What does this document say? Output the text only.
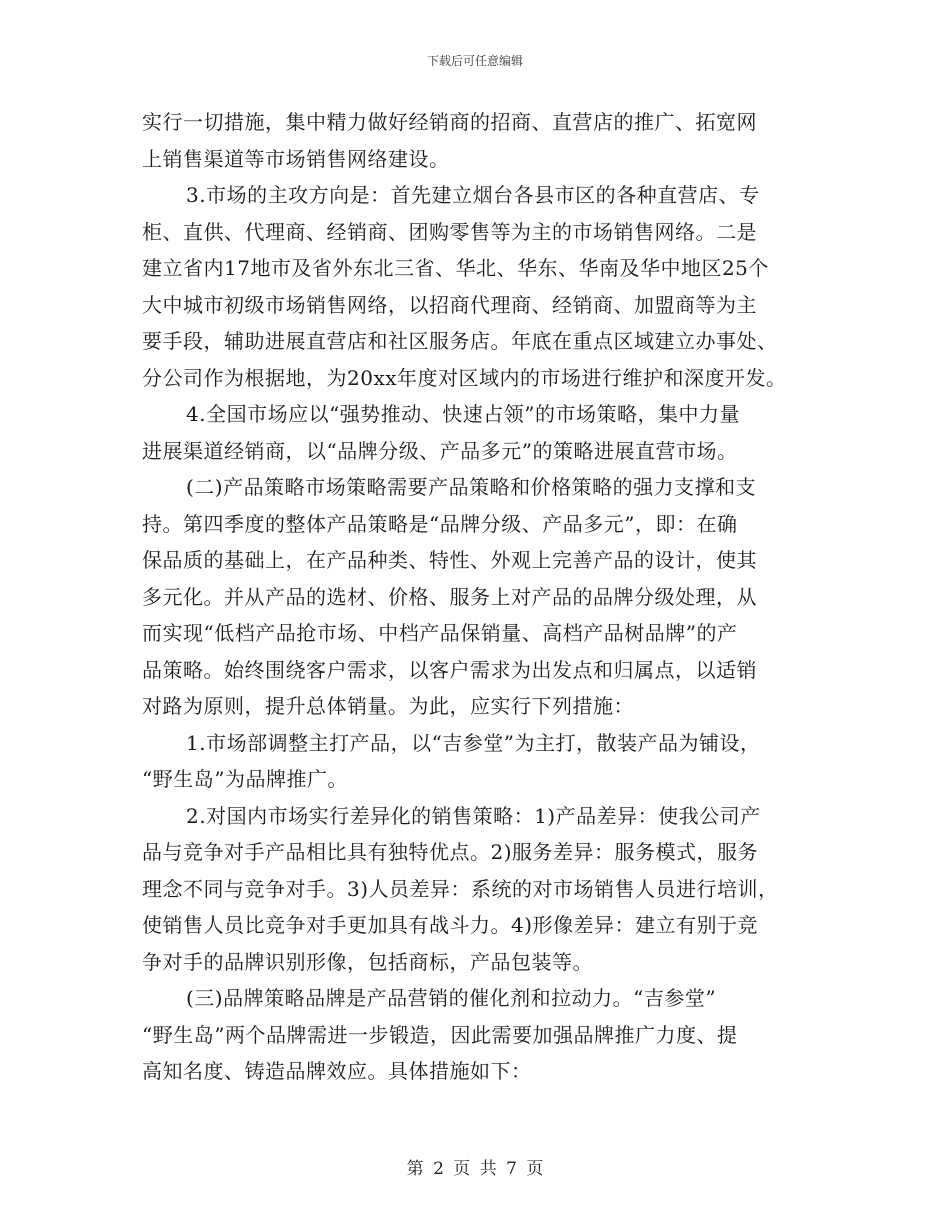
下载后可任意编辑
实行一切措施，集中精力做好经销商的招商、直营店的推广、拓宽网
上销售渠道等市场销售网络建设。
3.市场的主攻方向是：首先建立烟台各县市区的各种直营店、专
柜、直供、代理商、经销商、团购零售等为主的市场销售网络。二是
建立省内17地市及省外东北三省、华北、华东、华南及华中地区25个
大中城市初级市场销售网络，以招商代理商、经销商、加盟商等为主
要手段，辅助进展直营店和社区服务店。年底在重点区域建立办事处、
分公司作为根据地，为20xx年度对区域内的市场进行维护和深度开发。
4.全国市场应以“强势推动、快速占领”的市场策略，集中力量
进展渠道经销商，以“品牌分级、产品多元”的策略进展直营市场。
(二)产品策略市场策略需要产品策略和价格策略的强力支撑和支
持。第四季度的整体产品策略是“品牌分级、产品多元”，即：在确
保品质的基础上，在产品种类、特性、外观上完善产品的设计，使其
多元化。并从产品的选材、价格、服务上对产品的品牌分级处理，从
而实现“低档产品抢市场、中档产品保销量、高档产品树品牌”的产
品策略。始终围绕客户需求，以客户需求为出发点和归属点，以适销
对路为原则，提升总体销量。为此，应实行下列措施：
1.市场部调整主打产品，以“吉参堂”为主打，散装产品为铺设，
“野生岛”为品牌推广。
2.对国内市场实行差异化的销售策略：1)产品差异：使我公司产
品与竞争对手产品相比具有独特优点。2)服务差异：服务模式，服务
理念不同与竞争对手。3)人员差异：系统的对市场销售人员进行培训，
使销售人员比竞争对手更加具有战斗力。4)形像差异：建立有别于竞
争对手的品牌识别形像，包括商标，产品包装等。
(三)品牌策略品牌是产品营销的催化剂和拉动力。“吉参堂”
“野生岛”两个品牌需进一步锻造，因此需要加强品牌推广力度、提
高知名度、铸造品牌效应。具体措施如下：
第 2 页 共 7 页
